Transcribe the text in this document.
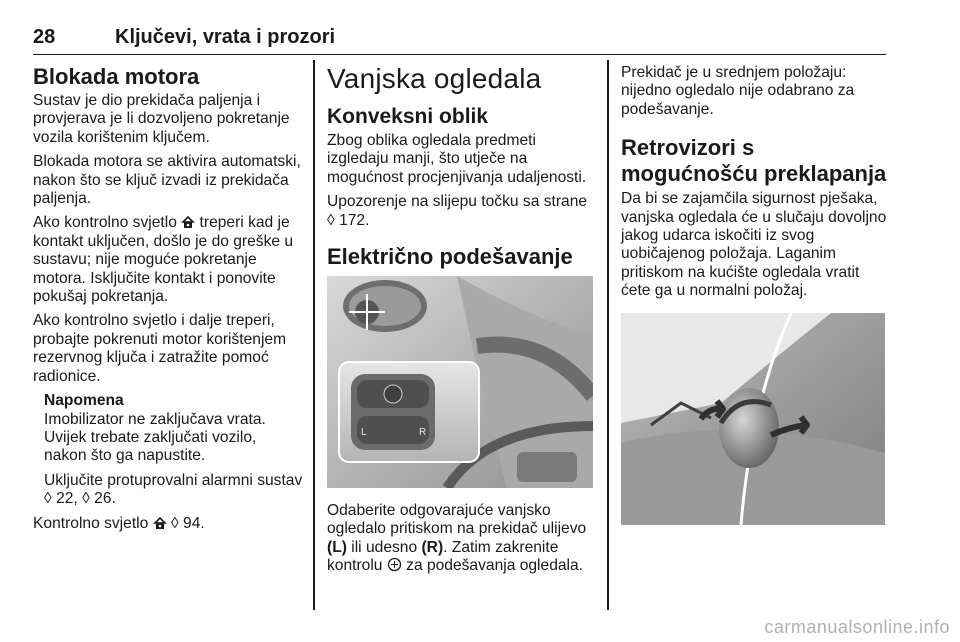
28	Ključevi, vrata i prozori
Blokada motora

Sustav je dio prekidača paljenja i provjerava je li dozvoljeno pokretanje vozila korištenim ključem.

Blokada motora se aktivira automatski, nakon što se ključ izvadi iz prekidača paljenja.

Ako kontrolno svjetlo  treperi kad je kontakt uključen, došlo je do greške u sustavu; nije moguće pokretanje motora. Isključite kontakt i ponovite pokušaj pokretanja.

Ako kontrolno svjetlo i dalje treperi, probajte pokrenuti motor korištenjem rezervnog ključa i zatražite pomoć radionice.

Napomena

Imobilizator ne zaključava vrata. Uvijek trebate zaključati vozilo, nakon što ga napustite.

Uključite protuprovalni alarmni sustav ◊ 22, ◊ 26.

Kontrolno svjetlo  ◊ 94.

Vanjska ogledala
Konveksni oblik

Zbog oblika ogledala predmeti izgledaju manji, što utječe na mogućnost procjenjivanja udaljenosti.

Upozorenje na slijepu točku sa strane ◊ 172.

Električno podešavanje
L	R

Odaberite odgovarajuće vanjsko ogledalo pritiskom na prekidač ulijevo (L) ili udesno (R). Zatim zakrenite kontrolu  za podešavanja ogledala.

Prekidač je u srednjem položaju: nijedno ogledalo nije odabrano za podešavanje.

Retrovizori s mogućnošću preklapanja

Da bi se zajamčila sigurnost pješaka, vanjska ogledala će u slučaju dovoljno jakog udarca iskočiti iz svog uobičajenog položaja. Laganim pritiskom na kućište ogledala vratit ćete ga u normalni položaj.

carmanualsonline.info
